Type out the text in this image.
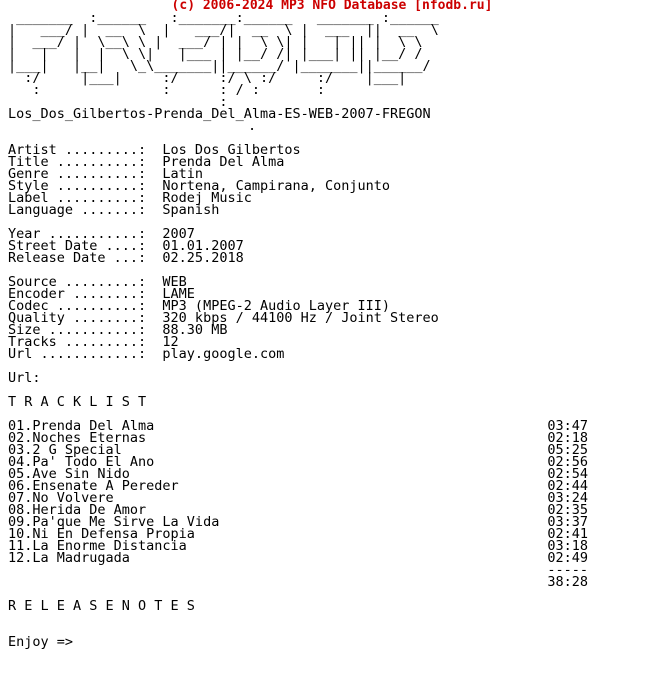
(c) 2006-2024 MP3 NFO Database [nfodb.ru]
_______  :______   :_______:______   _______ :______
|   ___/ |  __  \  |   ___/|  __  \ |  ___  ||  __  \
|  ___/ |  \__\ \ |  ___/ | |  \ \| |   | || |  \ \
|   |   |  |  \ \|   |___ | |__/ /| |___| || |__/ /
|___|   |__|   \_\_______||______/ |_______||______/
:/     |___|     :/     :/ \ :/     :/    |___|
:               :      : / :       :
:

Los_Dos_Gilbertos-Prenda_Del_Alma-ES-WEB-2007-FREGON
.
Artist .........:  Los Dos Gilbertos
Title ..........:  Prenda Del Alma
Genre ..........:  Latin
Style ..........:  Nortena, Campirana, Conjunto
Label ..........:  Rodej Music
Language .......:  Spanish
Year ...........:  2007
Street Date ....:  01.01.2007
Release Date ...:  02.25.2018
Source .........:  WEB
Encoder ........:  LAME
Codec ..........:  MP3 (MPEG-2 Audio Layer III)
Quality ........:  320 kbps / 44100 Hz / Joint Stereo
Size ...........:  88.30 MB
Tracks .........:  12
Url ............:  play.google.com
Url:
T R A C K L I S T
01.Prenda Del Alma	03:47
02.Noches Eternas	02:18
03.2 G Special	05:25
04.Pa' Todo El Ano	02:56
05.Ave Sin Nido	02:54
06.Ensenate A Pereder	02:44
07.No Volvere	03:24
08.Herida De Amor	02:35
09.Pa'que Me Sirve La Vida	03:37
10.Ni En Defensa Propia	02:41
11.La Enorme Distancia	03:18
12.La Madrugada	02:49
-----
38:28
R E L E A S E N O T E S
Enjoy =>
